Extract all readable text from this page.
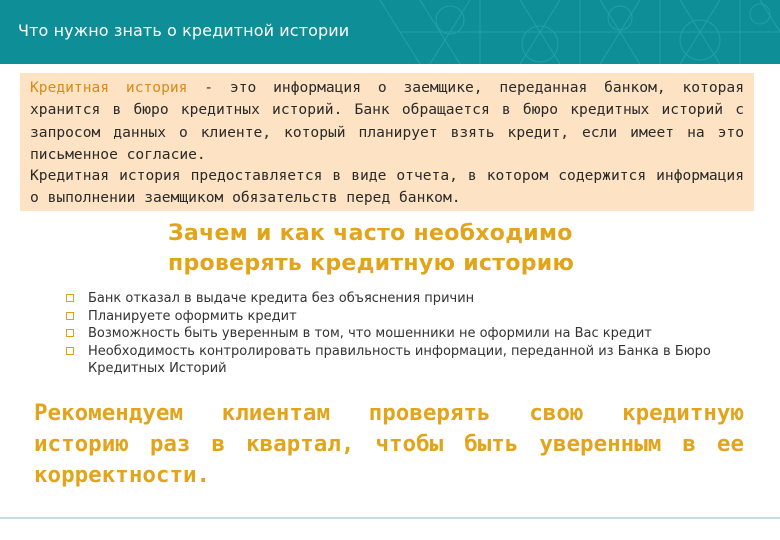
Что нужно знать о кредитной истории

Кредитная история - это информация о заемщике, переданная банком, которая хранится в бюро кредитных историй. Банк обращается в бюро кредитных историй с запросом данных о клиенте, который планирует взять кредит, если имеет на это письменное согласие.

Кредитная история предоставляется в виде отчета, в котором содержится информация о выполнении заемщиком обязательств перед банком.

Зачем и как часто необходимо проверять кредитную историю
Банк отказал в выдаче кредита без объяснения причин
Планируете оформить кредит
Возможность быть уверенным в том, что мошенники не оформили на Вас кредит
Необходимость контролировать правильность информации, переданной из Банка в Бюро Кредитных Историй

Рекомендуем клиентам проверять свою кредитную историю раз в квартал, чтобы быть уверенным в ее корректности.
